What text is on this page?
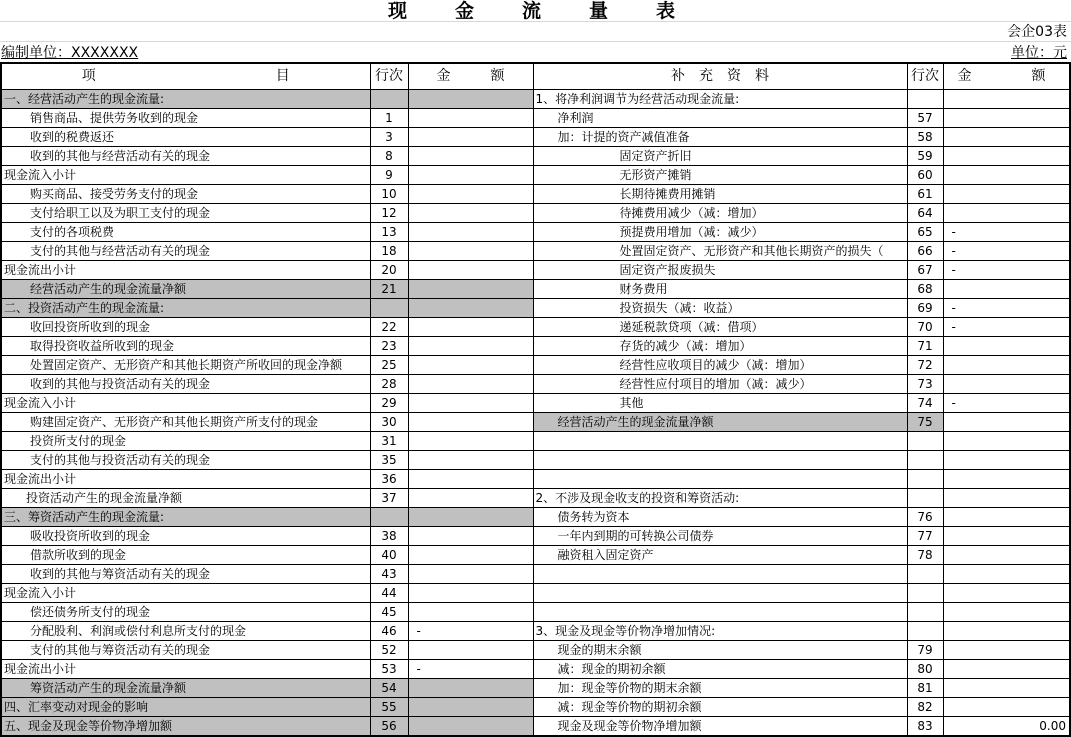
现金流量表
会企03表
编制单位：XXXXXXX	单位：元
项 目	行次	金 额	补　充　资　料	行次	金 额
一、经营活动产生的现金流量:			1、将净利润调节为经营活动现金流量:		
销售商品、提供劳务收到的现金	1		净利润	57	
收到的税费返还	3		加：计提的资产减值准备	58	
收到的其他与经营活动有关的现金	8		固定资产折旧	59	
现金流入小计	9		无形资产摊销	60	
购买商品、接受劳务支付的现金	10		长期待摊费用摊销	61	
支付给职工以及为职工支付的现金	12		待摊费用减少（减：增加）	64	
支付的各项税费	13		预提费用增加（减：减少）	65	-
支付的其他与经营活动有关的现金	18		处置固定资产、无形资产和其他长期资产的损失（	66	-
现金流出小计	20		固定资产报废损失	67	-
经营活动产生的现金流量净额	21		财务费用	68	
二、投资活动产生的现金流量:			投资损失（减：收益）	69	-
收回投资所收到的现金	22		递延税款贷项（减：借项）	70	-
取得投资收益所收到的现金	23		存货的减少（减：增加）	71	
处置固定资产、无形资产和其他长期资产所收回的现金净额	25		经营性应收项目的减少（减：增加）	72	
收到的其他与投资活动有关的现金	28		经营性应付项目的增加（减：减少）	73	
现金流入小计	29		其他	74	-
购建固定资产、无形资产和其他长期资产所支付的现金	30		经营活动产生的现金流量净额	75	
投资所支付的现金	31				
支付的其他与投资活动有关的现金	35				
现金流出小计	36				
投资活动产生的现金流量净额	37		2、不涉及现金收支的投资和筹资活动:		
三、筹资活动产生的现金流量:			债务转为资本	76	
吸收投资所收到的现金	38		一年内到期的可转换公司债券	77	
借款所收到的现金	40		融资租入固定资产	78	
收到的其他与筹资活动有关的现金	43				
现金流入小计	44				
偿还债务所支付的现金	45				
分配股利、利润或偿付利息所支付的现金	46	-	3、现金及现金等价物净增加情况:		
支付的其他与筹资活动有关的现金	52		现金的期末余额	79	
现金流出小计	53	-	减：现金的期初余额	80	
筹资活动产生的现金流量净额	54		加：现金等价物的期末余额	81	
四、汇率变动对现金的影响	55		减：现金等价物的期初余额	82	
五、现金及现金等价物净增加额	56		现金及现金等价物净增加额	83	0.00
